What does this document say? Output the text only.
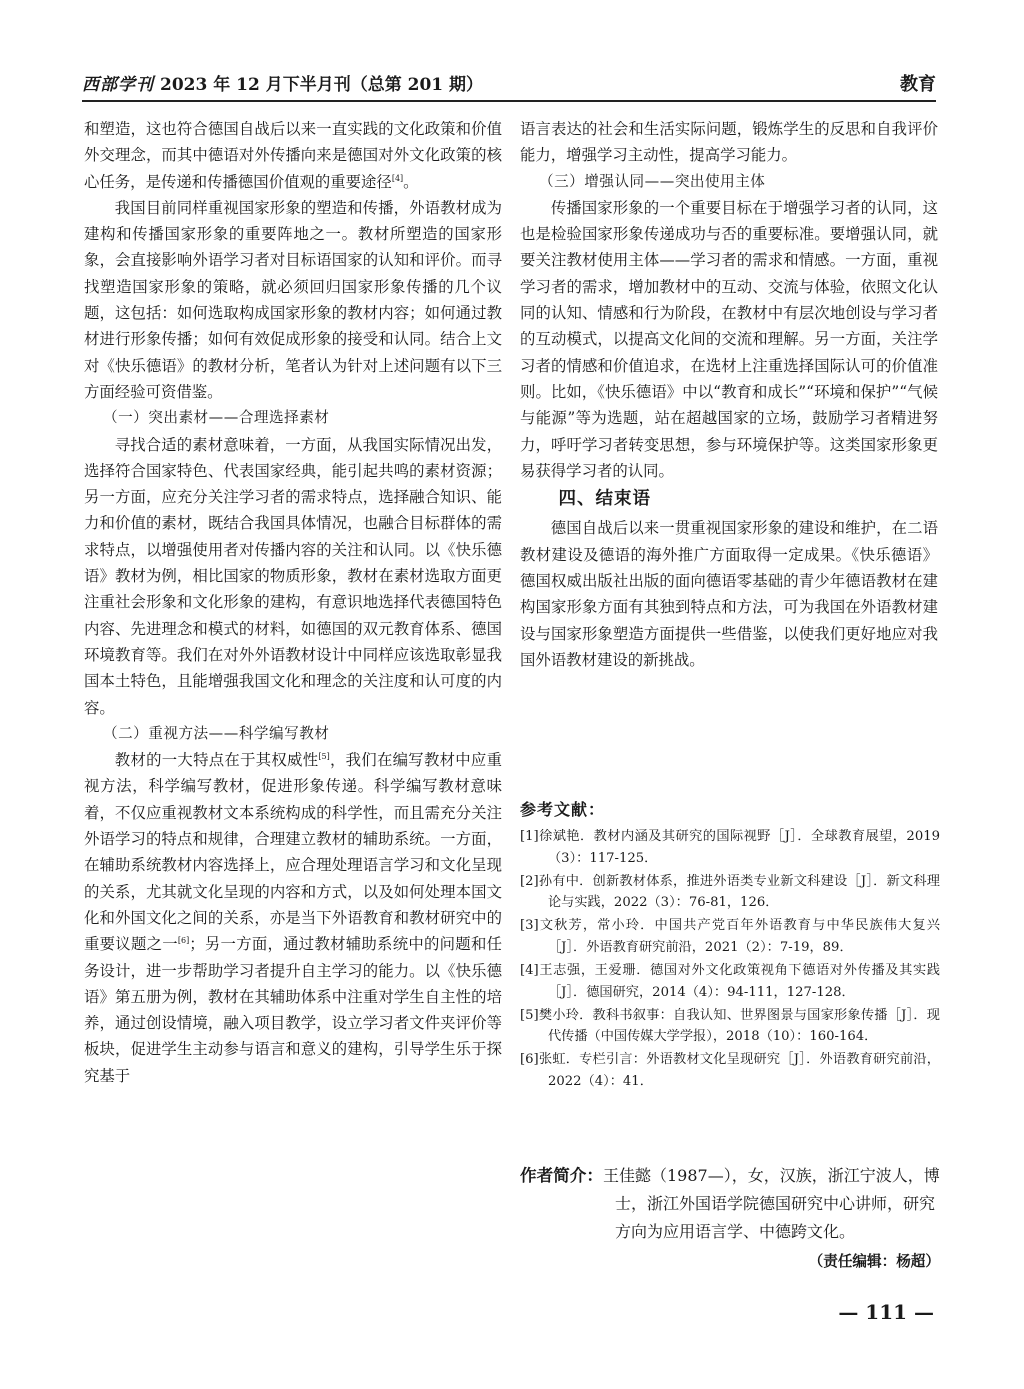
西部学刊 2023 年 12 月下半月刊（总第 201 期）	教育

和塑造，这也符合德国自战后以来一直实践的文化政策和价值外交理念，而其中德语对外传播向来是德国对外文化政策的核心任务，是传递和传播德国价值观的重要途径[4]。

我国目前同样重视国家形象的塑造和传播，外语教材成为建构和传播国家形象的重要阵地之一。教材所塑造的国家形象，会直接影响外语学习者对目标语国家的认知和评价。而寻找塑造国家形象的策略，就必须回归国家形象传播的几个议题，这包括：如何选取构成国家形象的教材内容；如何通过教材进行形象传播；如何有效促成形象的接受和认同。结合上文对《快乐德语》的教材分析，笔者认为针对上述问题有以下三方面经验可资借鉴。

（一）突出素材——合理选择素材

寻找合适的素材意味着，一方面，从我国实际情况出发，选择符合国家特色、代表国家经典，能引起共鸣的素材资源；另一方面，应充分关注学习者的需求特点，选择融合知识、能力和价值的素材，既结合我国具体情况，也融合目标群体的需求特点，以增强使用者对传播内容的关注和认同。以《快乐德语》教材为例，相比国家的物质形象，教材在素材选取方面更注重社会形象和文化形象的建构，有意识地选择代表德国特色内容、先进理念和模式的材料，如德国的双元教育体系、德国环境教育等。我们在对外外语教材设计中同样应该选取彰显我国本土特色，且能增强我国文化和理念的关注度和认可度的内容。

（二）重视方法——科学编写教材

教材的一大特点在于其权威性[5]，我们在编写教材中应重视方法，科学编写教材，促进形象传递。科学编写教材意味着，不仅应重视教材文本系统构成的科学性，而且需充分关注外语学习的特点和规律，合理建立教材的辅助系统。一方面，在辅助系统教材内容选择上，应合理处理语言学习和文化呈现的关系，尤其就文化呈现的内容和方式，以及如何处理本国文化和外国文化之间的关系，亦是当下外语教育和教材研究中的重要议题之一[6]；另一方面，通过教材辅助系统中的问题和任务设计，进一步帮助学习者提升自主学习的能力。以《快乐德语》第五册为例，教材在其辅助体系中注重对学生自主性的培养，通过创设情境，融入项目教学，设立学习者文件夹评价等板块，促进学生主动参与语言和意义的建构，引导学生乐于探究基于

语言表达的社会和生活实际问题，锻炼学生的反思和自我评价能力，增强学习主动性，提高学习能力。

（三）增强认同——突出使用主体

传播国家形象的一个重要目标在于增强学习者的认同，这也是检验国家形象传递成功与否的重要标准。要增强认同，就要关注教材使用主体——学习者的需求和情感。一方面，重视学习者的需求，增加教材中的互动、交流与体验，依照文化认同的认知、情感和行为阶段，在教材中有层次地创设与学习者的互动模式，以提高文化间的交流和理解。另一方面，关注学习者的情感和价值追求，在选材上注重选择国际认可的价值准则。比如，《快乐德语》中以“教育和成长”“环境和保护”“气候与能源”等为选题，站在超越国家的立场，鼓励学习者精进努力，呼吁学习者转变思想，参与环境保护等。这类国家形象更易获得学习者的认同。

四、结束语

德国自战后以来一贯重视国家形象的建设和维护，在二语教材建设及德语的海外推广方面取得一定成果。《快乐德语》德国权威出版社出版的面向德语零基础的青少年德语教材在建构国家形象方面有其独到特点和方法，可为我国在外语教材建设与国家形象塑造方面提供一些借鉴，以使我们更好地应对我国外语教材建设的新挑战。

参考文献：

[1]徐斌艳．教材内涵及其研究的国际视野［J］．全球教育展望，2019（3）：117-125．

[2]孙有中．创新教材体系，推进外语类专业新文科建设［J］．新文科理论与实践，2022（3）：76-81，126．

[3]文秋芳，常小玲．中国共产党百年外语教育与中华民族伟大复兴［J］．外语教育研究前沿，2021（2）：7-19，89．

[4]王志强，王爱珊．德国对外文化政策视角下德语对外传播及其实践［J］．德国研究，2014（4）：94-111，127-128．

[5]樊小玲．教科书叙事：自我认知、世界图景与国家形象传播［J］．现代传播（中国传媒大学学报），2018（10）：160-164．

[6]张虹．专栏引言：外语教材文化呈现研究［J］．外语教育研究前沿，2022（4）：41．

作者简介：王佳懿（1987—），女，汉族，浙江宁波人，博士，浙江外国语学院德国研究中心讲师，研究方向为应用语言学、中德跨文化。
（责任编辑：杨超）
— 111 —
